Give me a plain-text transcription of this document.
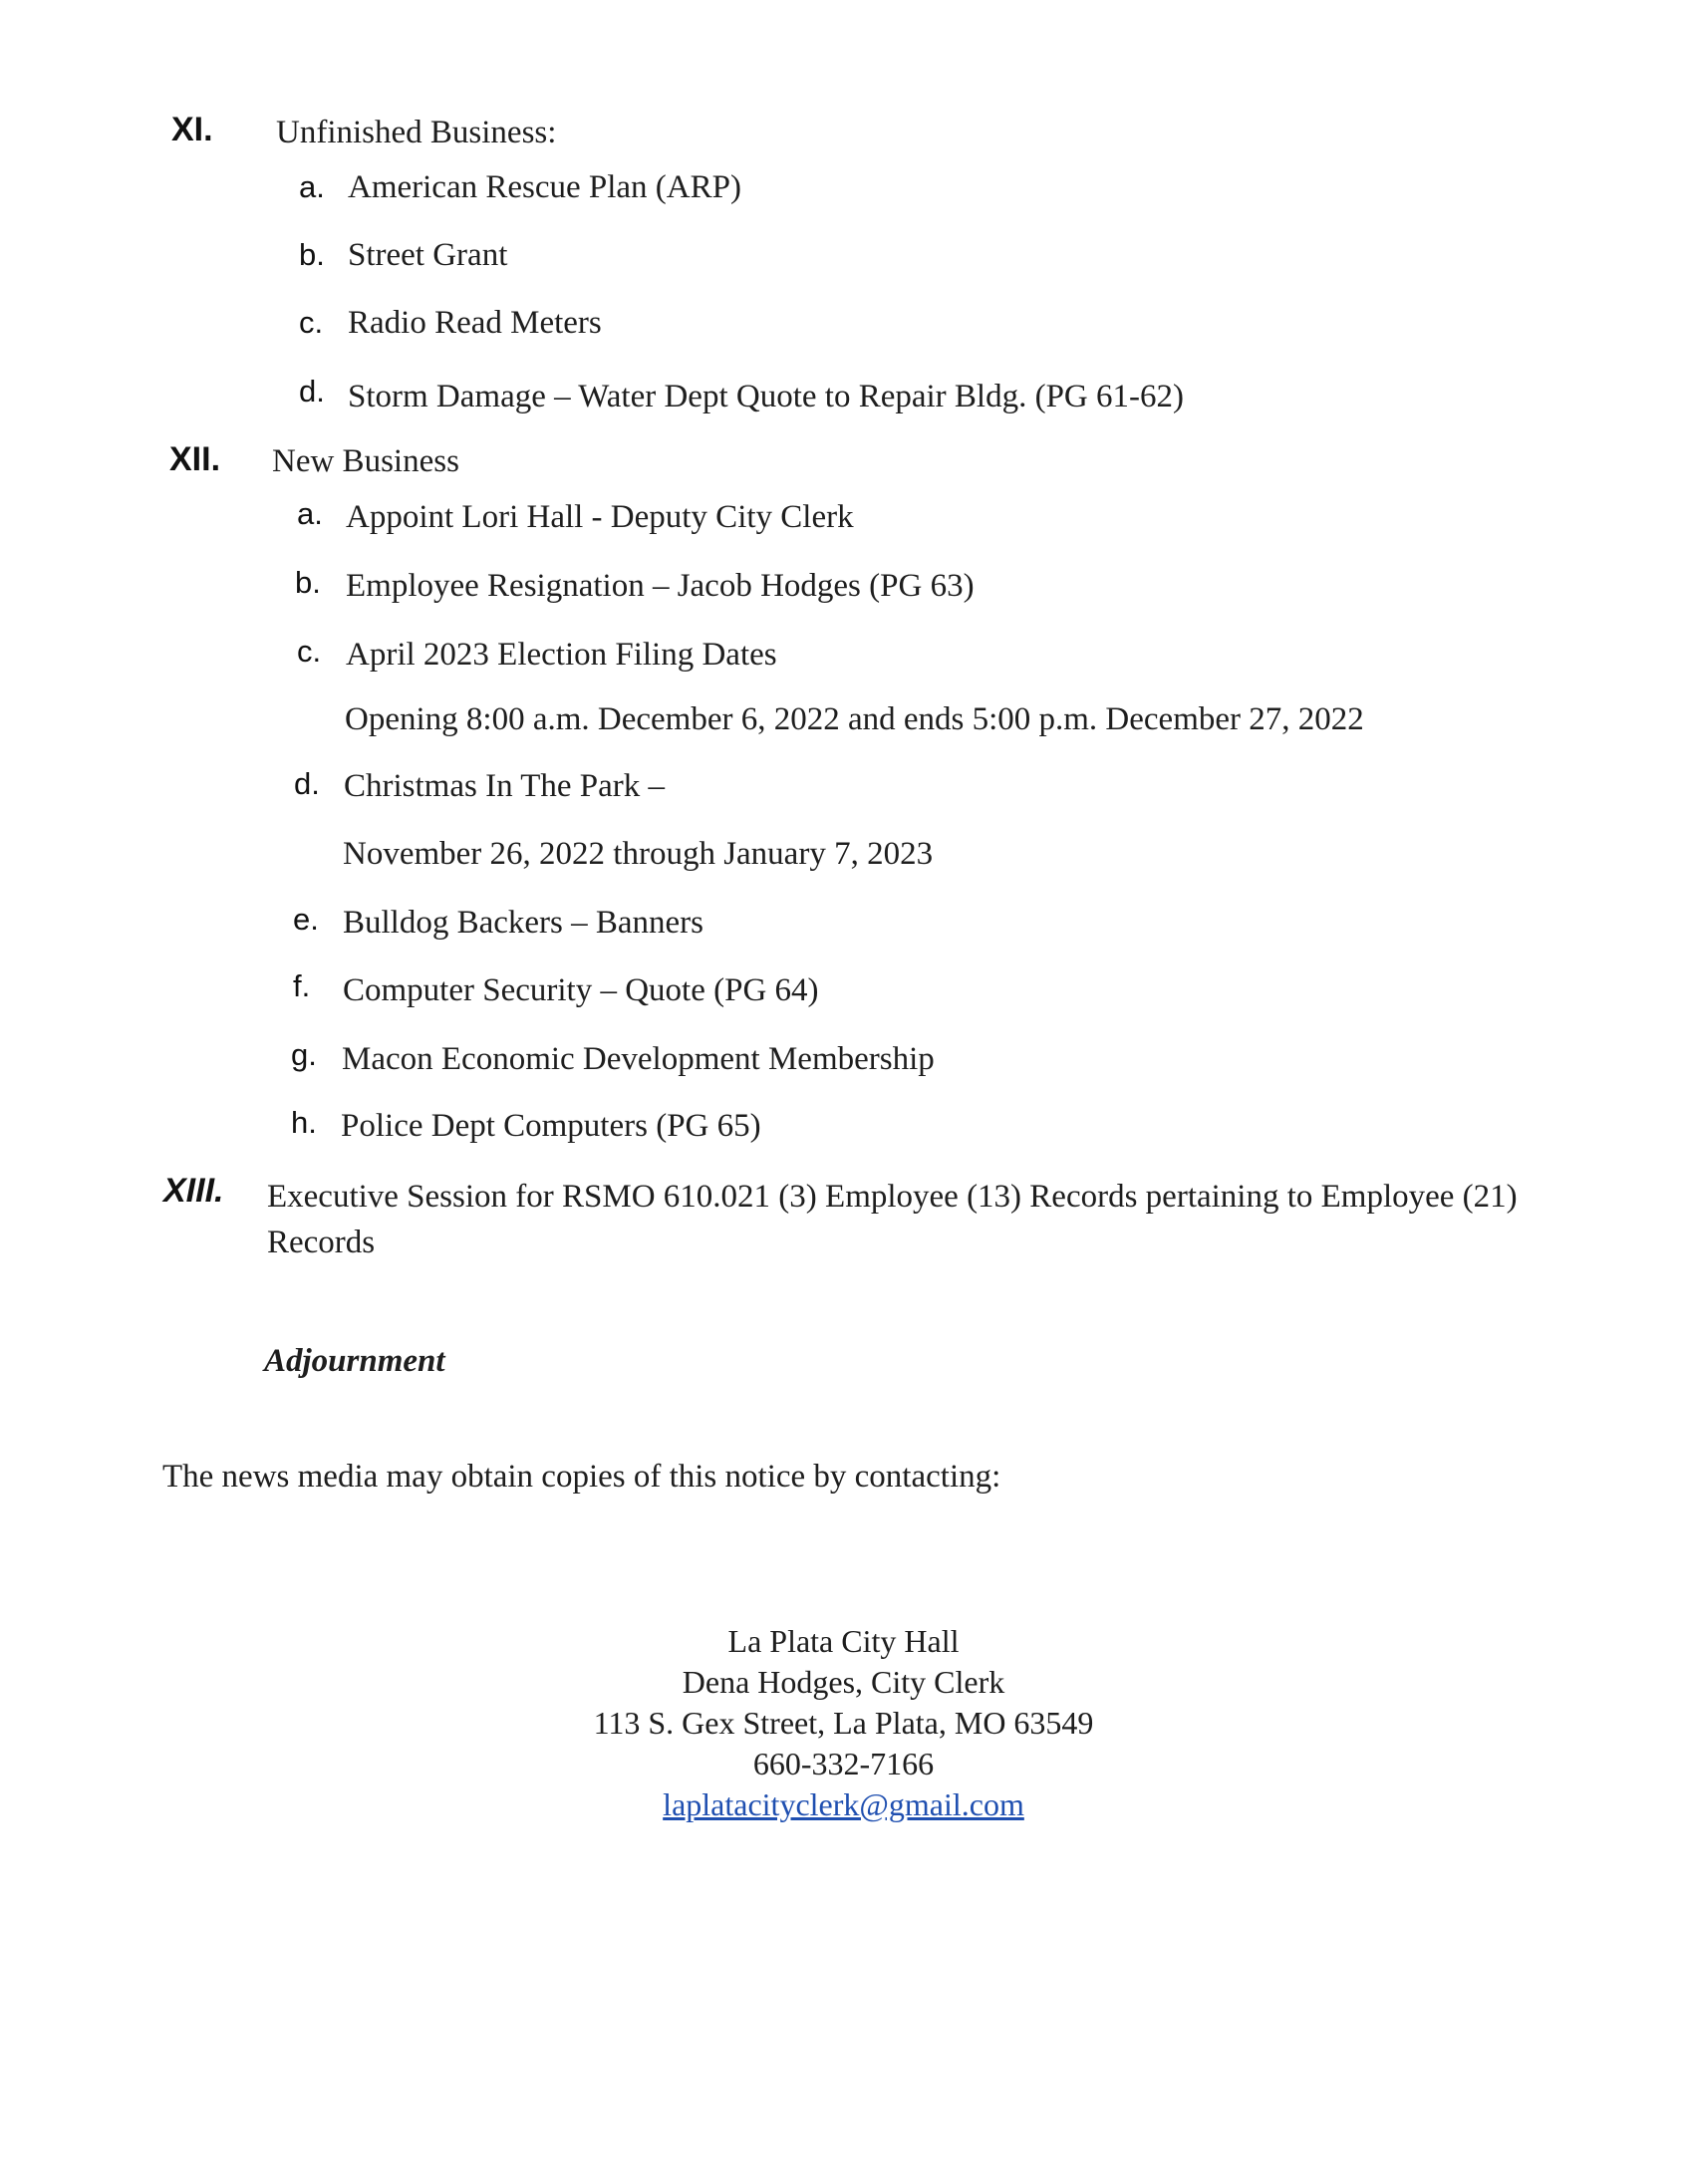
XI. Unfinished Business:
a. American Rescue Plan (ARP)
b. Street Grant
c. Radio Read Meters
d. Storm Damage – Water Dept Quote to Repair Bldg. (PG 61-62)
XII. New Business
a. Appoint Lori Hall - Deputy City Clerk
b. Employee Resignation – Jacob Hodges (PG 63)
c. April 2023 Election Filing Dates
Opening 8:00 a.m. December 6, 2022 and ends 5:00 p.m. December 27, 2022
d. Christmas In The Park –
November 26, 2022 through January 7, 2023
e. Bulldog Backers – Banners
f. Computer Security – Quote (PG 64)
g. Macon Economic Development Membership
h. Police Dept Computers (PG 65)
XIII. Executive Session for RSMO 610.021 (3) Employee (13) Records pertaining to Employee (21) Records
Adjournment
The news media may obtain copies of this notice by contacting:
La Plata City Hall
Dena Hodges, City Clerk
113 S. Gex Street, La Plata, MO 63549
660-332-7166
laplatacityclerk@gmail.com
